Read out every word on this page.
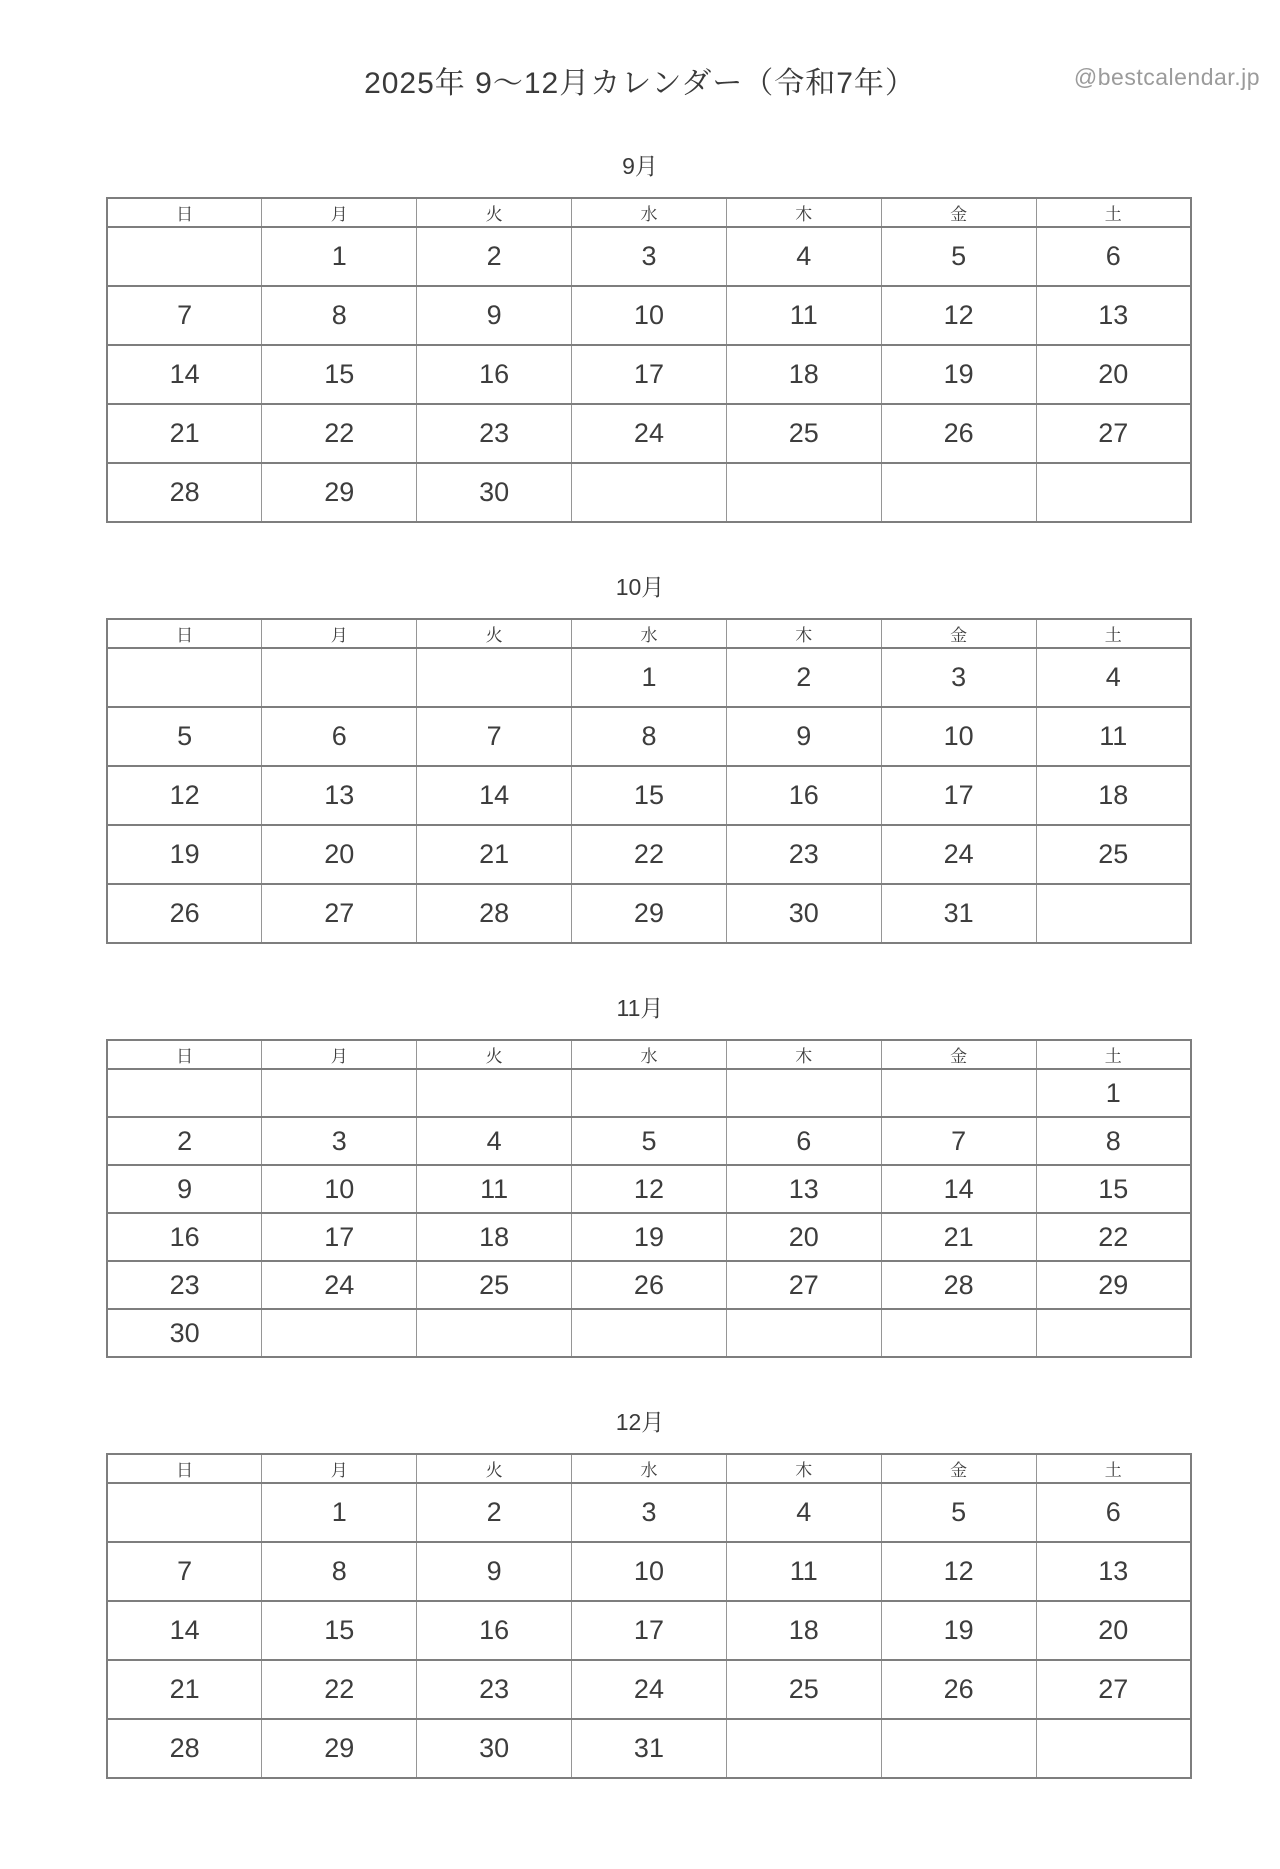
@bestcalendar.jp
2025年 9〜12月カレンダー（令和7年）
9月
日	月	火	水	木	金	土
	1	2	3	4	5	6
7	8	9	10	11	12	13
14	15	16	17	18	19	20
21	22	23	24	25	26	27
28	29	30				
10月
日	月	火	水	木	金	土
			1	2	3	4
5	6	7	8	9	10	11
12	13	14	15	16	17	18
19	20	21	22	23	24	25
26	27	28	29	30	31	
11月
日	月	火	水	木	金	土
						1
2	3	4	5	6	7	8
9	10	11	12	13	14	15
16	17	18	19	20	21	22
23	24	25	26	27	28	29
30						
12月
日	月	火	水	木	金	土
	1	2	3	4	5	6
7	8	9	10	11	12	13
14	15	16	17	18	19	20
21	22	23	24	25	26	27
28	29	30	31			
